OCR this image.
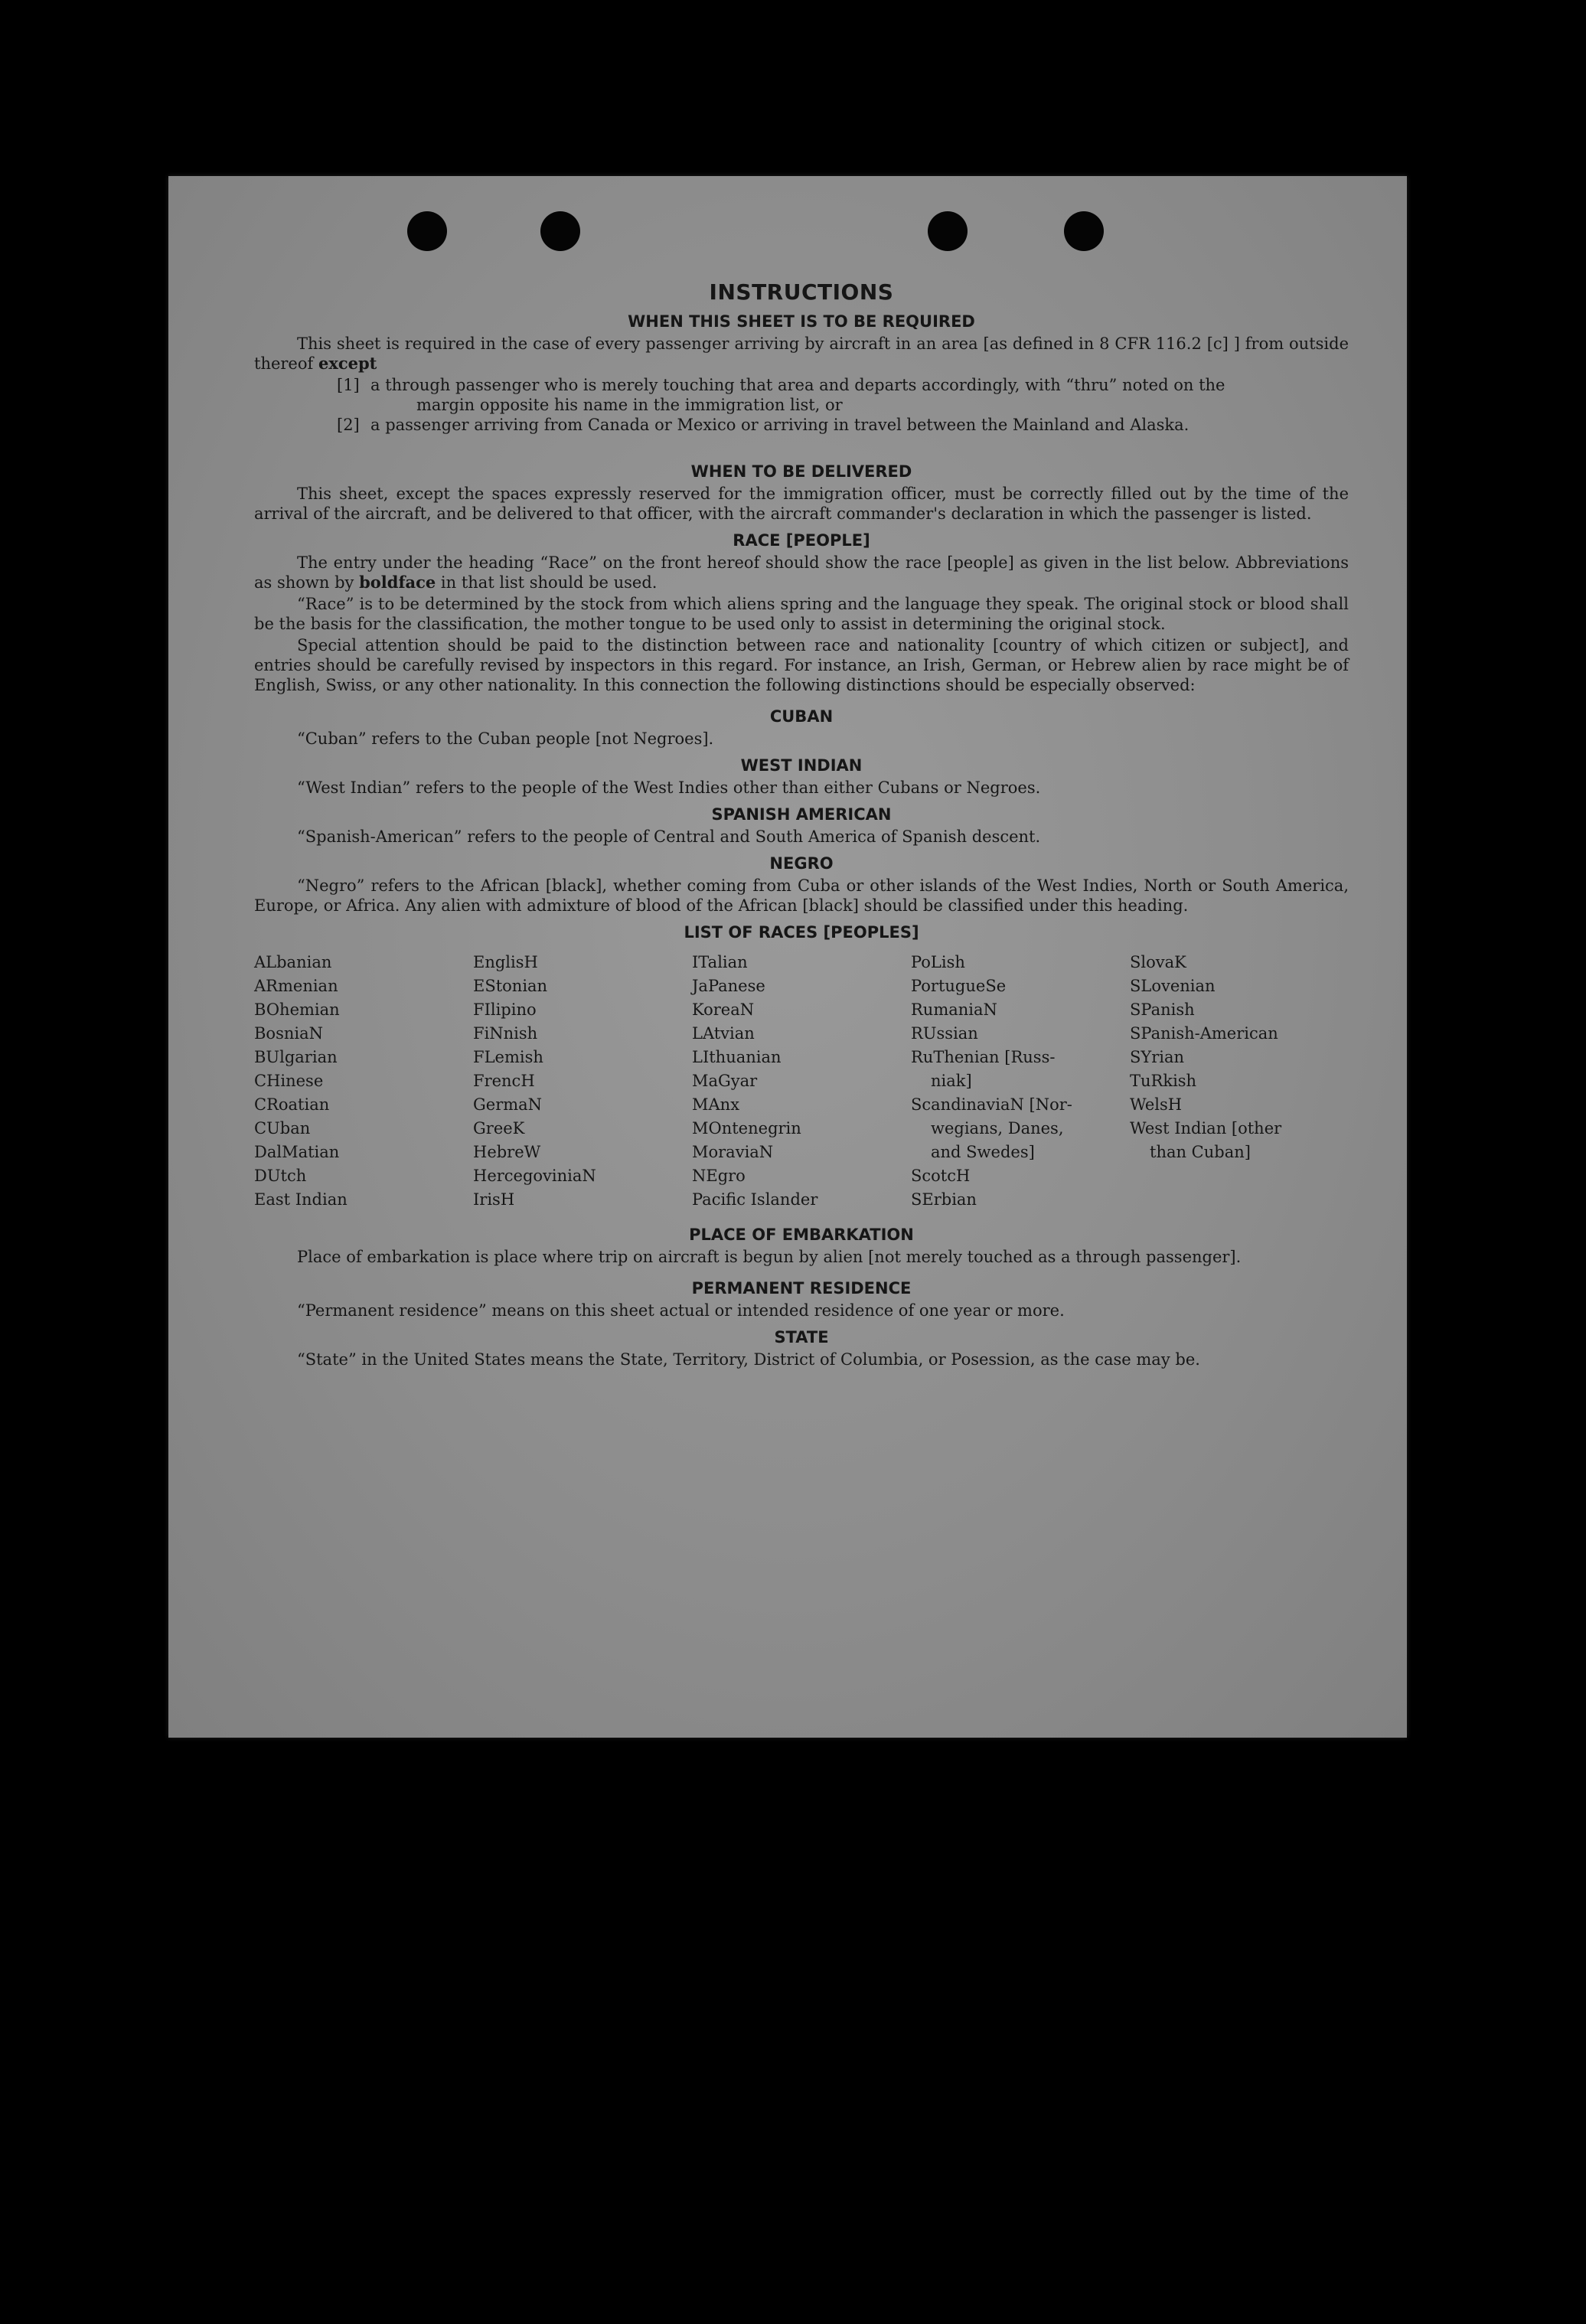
INSTRUCTIONS
WHEN THIS SHEET IS TO BE REQUIRED

This sheet is required in the case of every passenger arriving by aircraft in an area [as defined in 8 CFR 116.2 [c] ] from outside thereof except

[1] a through passenger who is merely touching that area and departs accordingly, with “thru” noted on the
margin opposite his name in the immigration list, or
[2] a passenger arriving from Canada or Mexico or arriving in travel between the Mainland and Alaska.
WHEN TO BE DELIVERED

This sheet, except the spaces expressly reserved for the immigration officer, must be correctly filled out by the time of the arrival of the aircraft, and be delivered to that officer, with the aircraft commander's declaration in which the passenger is listed.

RACE [PEOPLE]

The entry under the heading “Race” on the front hereof should show the race [people] as given in the list below. Abbreviations as shown by boldface in that list should be used.

“Race” is to be determined by the stock from which aliens spring and the language they speak. The original stock or blood shall be the basis for the classification, the mother tongue to be used only to assist in determining the original stock.

Special attention should be paid to the distinction between race and nationality [country of which citizen or subject], and entries should be carefully revised by inspectors in this regard. For instance, an Irish, German, or Hebrew alien by race might be of English, Swiss, or any other nationality. In this connection the following distinctions should be especially observed:

CUBAN

“Cuban” refers to the Cuban people [not Negroes].

WEST INDIAN

“West Indian” refers to the people of the West Indies other than either Cubans or Negroes.

SPANISH AMERICAN

“Spanish-American” refers to the people of Central and South America of Spanish descent.

NEGRO

“Negro” refers to the African [black], whether coming from Cuba or other islands of the West Indies, North or South America, Europe, or Africa. Any alien with admixture of blood of the African [black] should be classified under this heading.

LIST OF RACES [PEOPLES]
ALbanian
ARmenian
BOhemian
BosniaN
BUlgarian
CHinese
CRoatian
CUban
DalMatian
DUtch
East Indian
EnglisH
EStonian
FIlipino
FiNnish
FLemish
FrencH
GermaN
GreeK
HebreW
HercegoviniaN
IrisH
ITalian
JaPanese
KoreaN
LAtvian
LIthuanian
MaGyar
MAnx
MOntenegrin
MoraviaN
NEgro
Pacific Islander
PoLish
PortugueSe
RumaniaN
RUssian
RuThenian [Russ-
niak]
ScandinaviaN [Nor-
wegians, Danes,
and Swedes]
ScotcH
SErbian
SlovaK
SLovenian
SPanish
SPanish-American
SYrian
TuRkish
WelsH
West Indian [other
than Cuban]
PLACE OF EMBARKATION

Place of embarkation is place where trip on aircraft is begun by alien [not merely touched as a through passenger].

PERMANENT RESIDENCE

“Permanent residence” means on this sheet actual or intended residence of one year or more.

STATE

“State” in the United States means the State, Territory, District of Columbia, or Posession, as the case may be.
